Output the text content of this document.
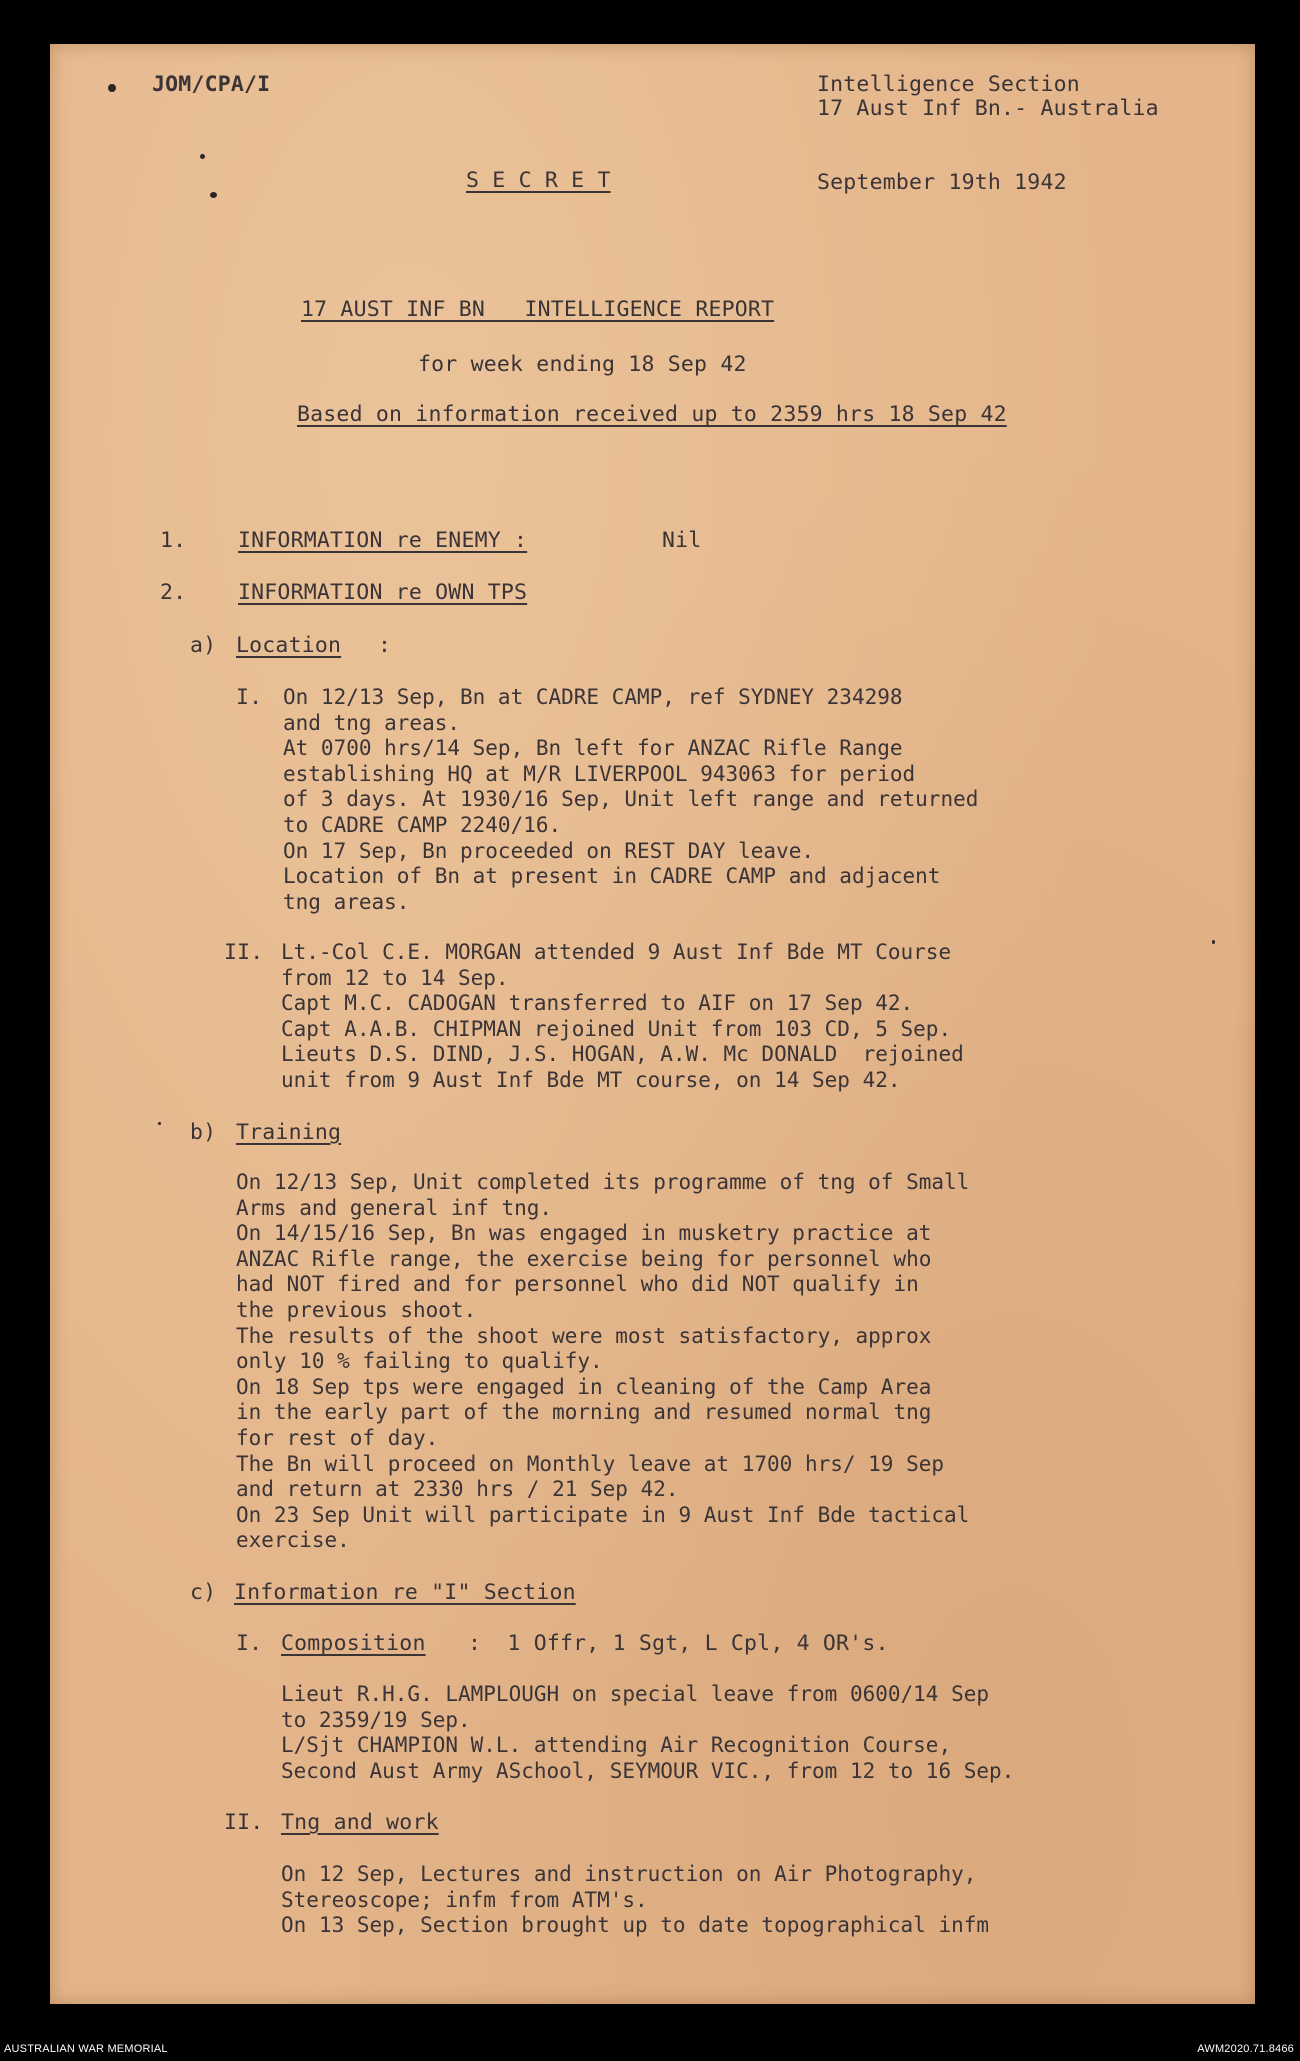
JOM/CPA/I	Intelligence Section
17 Aust Inf Bn.- Australia
S E C R E T	September 19th 1942
17 AUST INF BN   INTELLIGENCE REPORT
for week ending 18 Sep 42
Based on information received up to 2359 hrs 18 Sep 42
1. INFORMATION re ENEMY :	Nil
2. INFORMATION re OWN TPS
a) Location :
I. On 12/13 Sep, Bn at CADRE CAMP, ref SYDNEY 234298
and tng areas.
At 0700 hrs/14 Sep, Bn left for ANZAC Rifle Range
establishing HQ at M/R LIVERPOOL 943063 for period
of 3 days. At 1930/16 Sep, Unit left range and returned
to CADRE CAMP 2240/16.
On 17 Sep, Bn proceeded on REST DAY leave.
Location of Bn at present in CADRE CAMP and adjacent
tng areas.
II. Lt.-Col C.E. MORGAN attended 9 Aust Inf Bde MT Course
from 12 to 14 Sep.
Capt M.C. CADOGAN transferred to AIF on 17 Sep 42.
Capt A.A.B. CHIPMAN rejoined Unit from 103 CD, 5 Sep.
Lieuts D.S. DIND, J.S. HOGAN, A.W. Mc DONALD  rejoined
unit from 9 Aust Inf Bde MT course, on 14 Sep 42.
b) Training
On 12/13 Sep, Unit completed its programme of tng of Small
Arms and general inf tng.
On 14/15/16 Sep, Bn was engaged in musketry practice at
ANZAC Rifle range, the exercise being for personnel who
had NOT fired and for personnel who did NOT qualify in
the previous shoot.
The results of the shoot were most satisfactory, approx
only 10 % failing to qualify.
On 18 Sep tps were engaged in cleaning of the Camp Area
in the early part of the morning and resumed normal tng
for rest of day.
The Bn will proceed on Monthly leave at 1700 hrs/ 19 Sep
and return at 2330 hrs / 21 Sep 42.
On 23 Sep Unit will participate in 9 Aust Inf Bde tactical
exercise.
c) Information re "I" Section
I. Composition :  1 Offr, 1 Sgt, L Cpl, 4 OR's.
Lieut R.H.G. LAMPLOUGH on special leave from 0600/14 Sep
to 2359/19 Sep.
L/Sjt CHAMPION W.L. attending Air Recognition Course,
Second Aust Army ASchool, SEYMOUR VIC., from 12 to 16 Sep.
II. Tng and work
On 12 Sep, Lectures and instruction on Air Photography,
Stereoscope; infm from ATM's.
On 13 Sep, Section brought up to date topographical infm
AUSTRALIAN WAR MEMORIAL	AWM2020.71.8466
